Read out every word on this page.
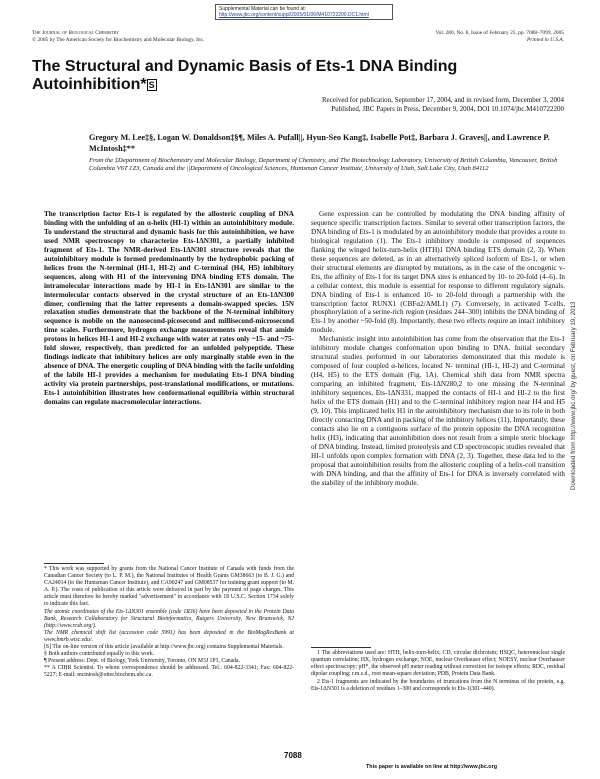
Supplemental Material can be found at:
http://www.jbc.org/content/suppl/2005/01/06/M410722200.DC1.html
The Journal of Biological Chemistry
© 2005 by The American Society for Biochemistry and Molecular Biology, Inc.
Vol. 280, No. 8, Issue of February 25, pp. 7088–7099, 2005
Printed in U.S.A.
The Structural and Dynamic Basis of Ets-1 DNA Binding Autoinhibition* S
Received for publication, September 17, 2004, and in revised form, December 3, 2004
Published, JBC Papers in Press, December 9, 2004, DOI 10.1074/jbc.M410722200
Gregory M. Lee‡§, Logan W. Donaldson‡§¶, Miles A. Pufall||, Hyun-Seo Kang‡, Isabelle Pot‡, Barbara J. Graves||, and Lawrence P. McIntosh‡**
From the ‡Department of Biochemistry and Molecular Biology, Department of Chemistry, and The Biotechnology Laboratory, University of British Columbia, Vancouver, British Columbia V6T 1Z3, Canada and the ||Department of Oncological Sciences, Huntsman Cancer Institute, University of Utah, Salt Lake City, Utah 84112
The transcription factor Ets-1 is regulated by the allosteric coupling of DNA binding with the unfolding of an α-helix (HI-1) within an autoinhibitory module. To understand the structural and dynamic basis for this autoinhibition, we have used NMR spectroscopy to characterize Ets-1ΔN301, a partially inhibited fragment of Ets-1. The NMR-derived Ets-1ΔN301 structure reveals that the autoinhibitory module is formed predominantly by the hydrophobic packing of helices from the N-terminal (HI-1, HI-2) and C-terminal (H4, H5) inhibitory sequences, along with H1 of the intervening DNA binding ETS domain. The intramolecular interactions made by HI-1 in Ets-1ΔN301 are similar to the intermolecular contacts observed in the crystal structure of an Ets-1ΔN300 dimer, confirming that the latter represents a domain-swapped species. 15N relaxation studies demonstrate that the backbone of the N-terminal inhibitory sequence is mobile on the nanosecond-picosecond and millisecond-microsecond time scales. Furthermore, hydrogen exchange measurements reveal that amide protons in helices HI-1 and HI-2 exchange with water at rates only ~15- and ~75-fold slower, respectively, than predicted for an unfolded polypeptide. These findings indicate that inhibitory helices are only marginally stable even in the absence of DNA. The energetic coupling of DNA binding with the facile unfolding of the labile HI-1 provides a mechanism for modulating Ets-1 DNA binding activity via protein partnerships, post-translational modifications, or mutations. Ets-1 autoinhibition illustrates how conformational equilibria within structural domains can regulate macromolecular interactions.

Gene expression can be controlled by modulating the DNA binding affinity of sequence specific transcription factors. Similar to several other transcription factors, the DNA binding of Ets-1 is modulated by an autoinhibitory module that provides a route to biological regulation (1). The Ets-1 inhibitory module is composed of sequences flanking the winged helix-turn-helix (HTH)1 DNA binding ETS domain (2, 3). When these sequences are deleted, as in an alternatively spliced isoform of Ets-1, or when their structural elements are disrupted by mutations, as in the case of the oncogenic v-Ets, the affinity of Ets-1 for its target DNA sites is enhanced by 10- to 20-fold (4–6). In a cellular context, this module is essential for response to different regulatory signals. DNA binding of Ets-1 is enhanced 10- to 20-fold through a partnership with the transcription factor RUNX1 (CBFα2/AML1) (7). Conversely, in activated T-cells, phosphorylation of a serine-rich region (residues 244–300) inhibits the DNA binding of Ets-1 by another ~50-fold (8). Importantly, these two effects require an intact inhibitory module.

Mechanistic insight into autoinhibition has come from the observation that the Ets-1 inhibitory module changes conformation upon binding to DNA. Initial secondary structural studies performed in our laboratories demonstrated that this module is composed of four coupled α-helices, located N- terminal (HI-1, HI-2) and C-terminal (H4, H5) to the ETS domain (Fig. 1A). Chemical shift data from NMR spectra comparing an inhibited fragment, Ets-1ΔN280,2 to one missing the N-terminal inhibitory sequences, Ets-1ΔN331, mapped the contacts of HI-1 and HI-2 to the first helix of the ETS domain (H1) and to the C-terminal inhibitory region near H4 and H5 (9, 10). This implicated helix H1 in the autoinhibitory mechanism due to its role in both directly contacting DNA and in packing of the inhibitory helices (11). Importantly, these contacts also lie on a contiguous surface of the protein opposite the DNA recognition helix (H3), indicating that autoinhibition does not result from a simple steric blockage of DNA binding. Instead, limited proteolysis and CD spectroscopic studies revealed that HI-1 unfolds upon complex formation with DNA (2, 3). Together, these data led to the proposal that autoinhibition results from the allosteric coupling of a helix-coil transition with DNA binding, and that the affinity of Ets-1 for DNA is inversely correlated with the stability of the inhibitory module.

* This work was supported by grants from the National Cancer Institute of Canada with funds from the Canadian Cancer Society (to L. P. M.), the National Institutes of Health Grants GM38663 (to B. J. G.) and CA24014 (to the Huntsman Cancer Institute), and CA90247 and GM08537 for training grant support (to M. A. P.). The costs of publication of this article were defrayed in part by the payment of page charges. This article must therefore be hereby marked "advertisement" in accordance with 18 U.S.C. Section 1734 solely to indicate this fact.

The atomic coordinates of the Ets-1ΔN301 ensemble (code 1R36) have been deposited in the Protein Data Bank, Research Collaboratory for Structural Bioinformatics, Rutgers University, New Brunswick, NJ (http://www.rcsb.org/).

The NMR chemical shift list (accession code 5991) has been deposited in the BioMagResBank at www.bmrb.wisc.edu/.

[S] The on-line version of this article (available at http://www.jbc.org) contains Supplemental Materials.

§ Both authors contributed equally to this work.

¶ Present address: Dept. of Biology, York University, Toronto, ON M3J 1P3, Canada.

** A CIHR Scientist. To whom correspondence should be addressed. Tel.: 604-822-3341; Fax: 604-822-5227; E-mail: mcintosh@otter.biochem.ubc.ca.

1 The abbreviations used are: HTH, helix-turn-helix; CD, circular dichroism; HSQC, heteronuclear single quantum correlation; HX, hydrogen exchange; NOE, nuclear Overhauser effect; NOESY, nuclear Overhauser effect spectroscopy; pH*, the observed pH meter reading without correction for isotope effects; RDC, residual dipolar coupling; r.m.s.d., root mean-square deviation; PDB, Protein Data Bank.

2 Ets-1 fragments are indicated by the boundaries of truncations from the N terminus of the protein, e.g. Ets-1ΔN301 is a deletion of residues 1–300 and corresponds to Ets-1(301–440).

7088
This paper is available on line at http://www.jbc.org
Downloaded from http://www.jbc.org/ by guest, on February 19, 2013
